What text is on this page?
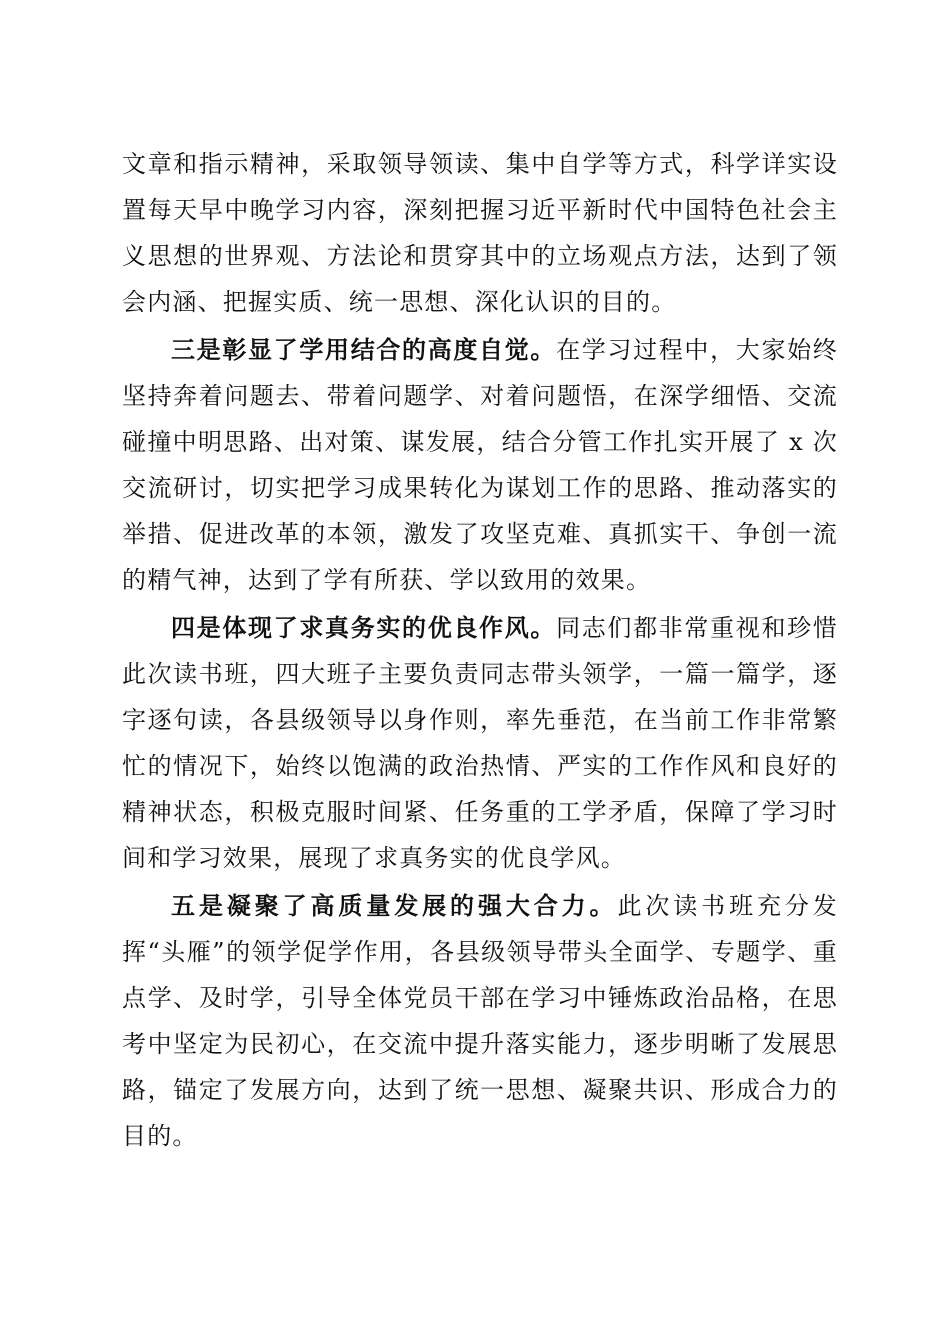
文章和指示精神，采取领导领读、集中自学等方式，科学详实设置每天早中晚学习内容，深刻把握习近平新时代中国特色社会主义思想的世界观、方法论和贯穿其中的立场观点方法，达到了领会内涵、把握实质、统一思想、深化认识的目的。

三是彰显了学用结合的高度自觉。在学习过程中，大家始终坚持奔着问题去、带着问题学、对着问题悟，在深学细悟、交流碰撞中明思路、出对策、谋发展，结合分管工作扎实开展了 x 次交流研讨，切实把学习成果转化为谋划工作的思路、推动落实的举措、促进改革的本领，激发了攻坚克难、真抓实干、争创一流的精气神，达到了学有所获、学以致用的效果。

四是体现了求真务实的优良作风。同志们都非常重视和珍惜此次读书班，四大班子主要负责同志带头领学，一篇一篇学，逐字逐句读，各县级领导以身作则，率先垂范，在当前工作非常繁忙的情况下，始终以饱满的政治热情、严实的工作作风和良好的精神状态，积极克服时间紧、任务重的工学矛盾，保障了学习时间和学习效果，展现了求真务实的优良学风。

五是凝聚了高质量发展的强大合力。此次读书班充分发挥“头雁”的领学促学作用，各县级领导带头全面学、专题学、重点学、及时学，引导全体党员干部在学习中锤炼政治品格，在思考中坚定为民初心，在交流中提升落实能力，逐步明晰了发展思路，锚定了发展方向，达到了统一思想、凝聚共识、形成合力的目的。
